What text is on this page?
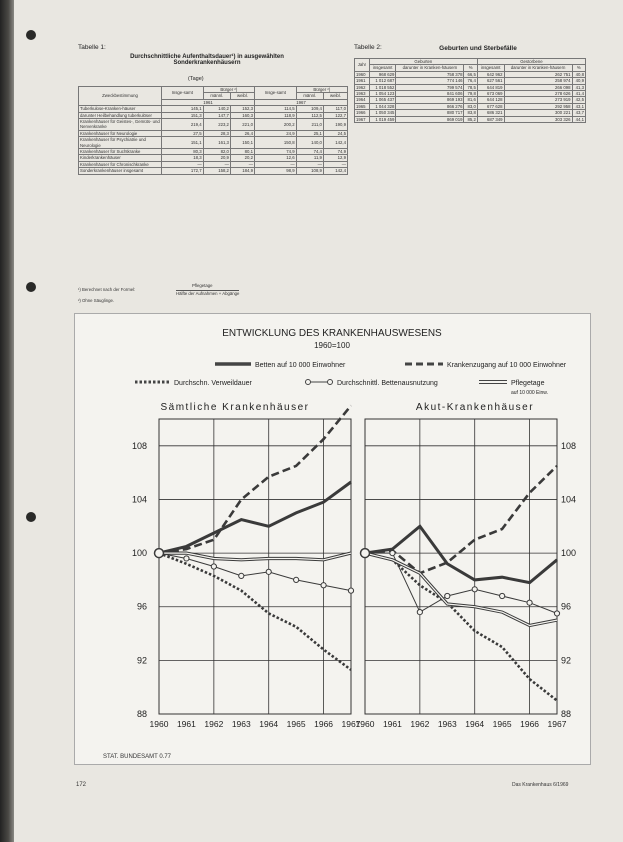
Tabelle 1:
Durchschnittliche Aufenthaltsdauer¹) in ausgewählten Sonderkrankenhäusern
(Tage)
Zweckbestimmung	Insge-samt	Bürger ²)		Insge-samt	Bürger ²)	
		männl.	weibl.		männl.	weibl.
	1961			1967		
Tuberkulose-Kranken-häuser	145,1	140,2	152,3	114,5	109,4	117,0
darunter Heilbehandlung tuberkulöser	151,3	147,7	160,3	118,9	112,5	122,7
Krankenhäuser für Geistes-, Gemüts- und Nervenkranke	219,4	223,2	221,0	200,2	211,0	190,9
Krankenhäuser für Neurologie	27,5	28,3	26,4	24,9	25,1	24,5
Krankenhäuser für Psychiatrie und Neurologie	151,1	161,3	150,1	150,8	140,0	142,4
Krankenhäuser für Suchtkranke	80,3	82,0	80,1	74,9	74,4	74,9
Kinderkrankenhäuser	18,3	20,9	20,2	12,6	11,9	12,9
Krankenhäuser für Chronischkranke	—	—	—	—	—	—
Sonderkrankenhäuser insgesamt	172,7	158,2	184,9	98,9	108,9	142,4
¹) Berechnet nach der Formel:
Pflegetage
Hälfte der Aufnahmen + Abgänge
²) Ohne Säuglinge.
Tabelle 2:	Geburten und Sterbefälle
Jahr	Geburten			Gestorbene		
	insgesamt	darunter in Kranken-häusern	%	insgesamt	darunter in Kranken-häusern	%
1960	968 629	758 378	66,5	642 962	262 751	40,8
1961	1 012 687	774 146	76,4	627 561	258 974	40,9
1962	1 018 552	799 574	78,5	644 819	266 098	41,3
1963	1 054 123	841 606	79,8	673 069	278 626	41,4
1964	1 065 437	869 193	81,6	644 128	273 919	42,5
1965	1 044 328	866 276	83,0	677 628	292 958	43,1
1966	1 050 345	880 717	83,8	686 321	300 221	43,7
1967	1 019 459	869 019	85,2	687 349	303 326	44,1
ENTWICKLUNG DES KRANKENHAUSWESENS
1960=100
Betten auf 10 000 Einwohner	Krankenzugang auf 10 000 Einwohner
Durchschn. Verweildauer	Durchschnittl. Bettenausnutzung	Pflegetage
auf 10 000 Einw.
Sämtliche Krankenhäuser	Akut-Krankenhäuser
108
104
100
96
92
88
1960 1961 1962 1963 1964 1965 1966 1967
108
104
100
96
92
88
1960 1961 1962 1963 1964 1965 1966 1967
STAT. BUNDESAMT 0.77
172	Das Krankenhaus 6/1969
